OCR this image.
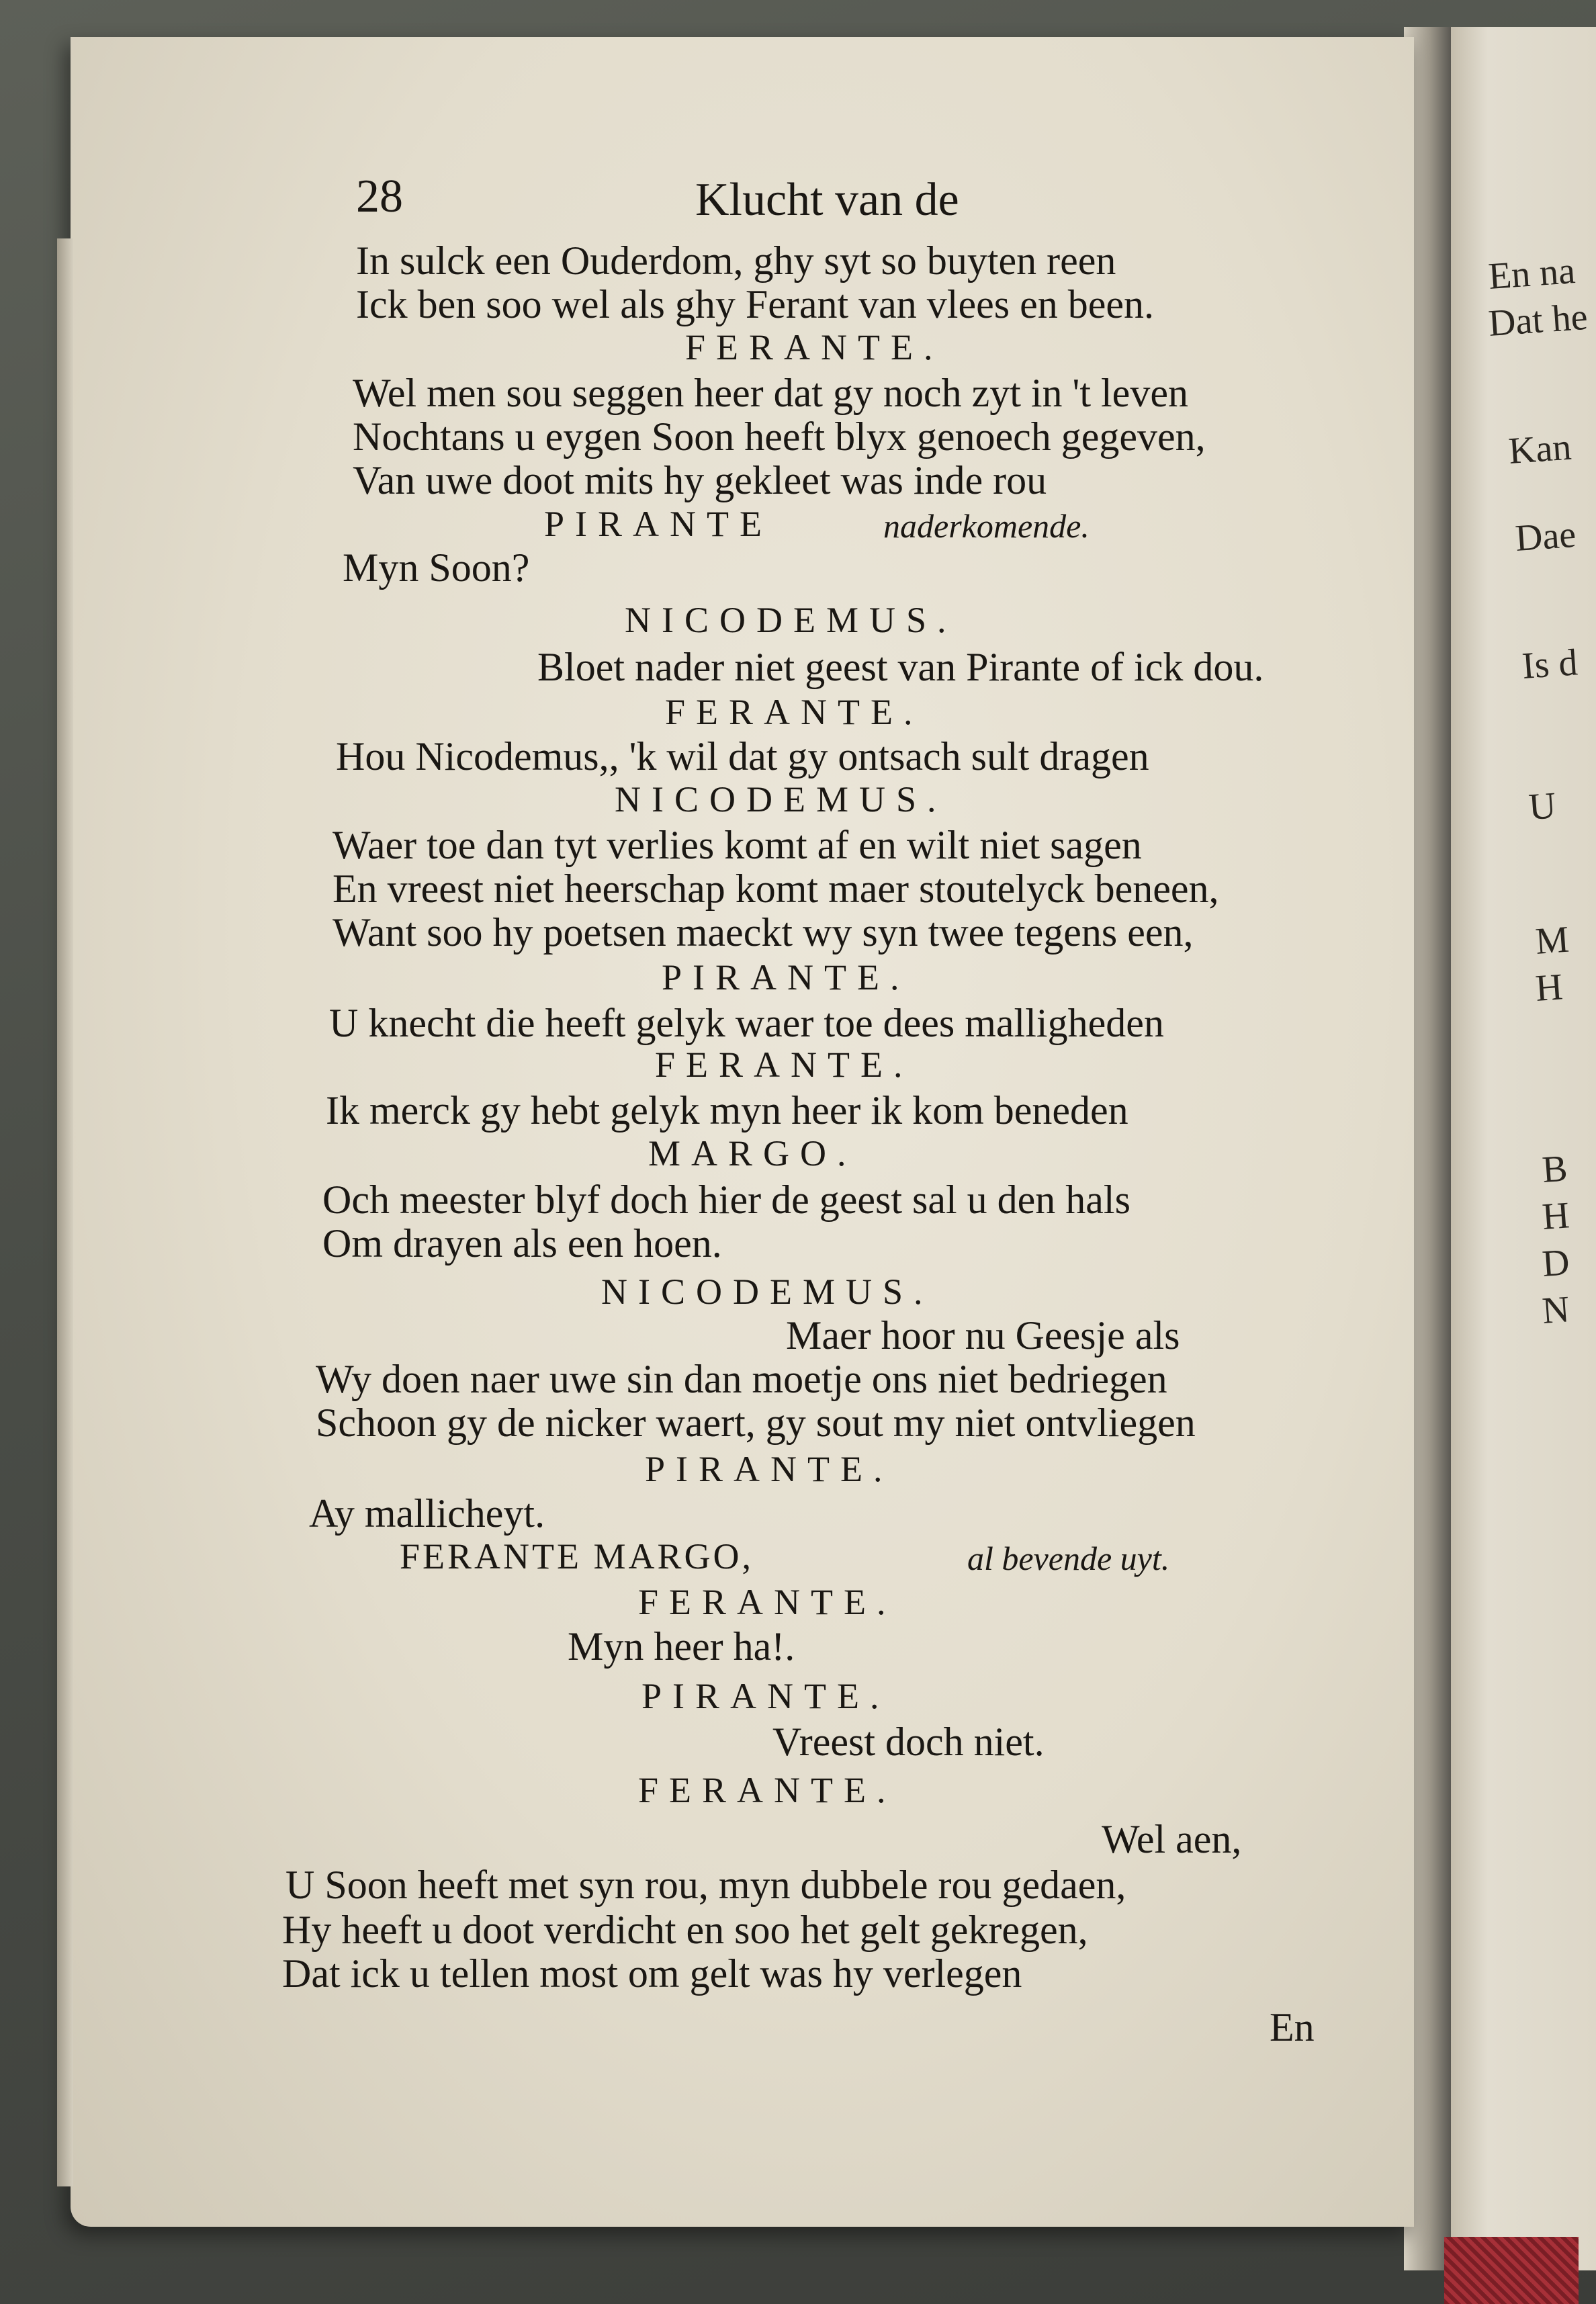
En na
Dat he
Kan
Dae
Is d
U
M
H
B
H
D
N
28	Klucht van de
In sulck een Ouderdom, ghy syt so buyten reen
Ick ben soo wel als ghy Ferant van vlees en been.
FERANTE.
Wel men sou seggen heer dat gy noch zyt in 't leven
Nochtans u eygen Soon heeft blyx genoech gegeven,
Van uwe doot mits hy gekleet was inde rou
PIRANTE	naderkomende.
Myn Soon?
NICODEMUS.
Bloet nader niet geest van Pirante of ick dou.
FERANTE.
Hou Nicodemus,, 'k wil dat gy ontsach sult dragen
NICODEMUS.
Waer toe dan tyt verlies komt af en wilt niet sagen
En vreest niet heerschap komt maer stoutelyck beneen,
Want soo hy poetsen maeckt wy syn twee tegens een,
PIRANTE.
U knecht die heeft gelyk waer toe dees malligheden
FERANTE.
Ik merck gy hebt gelyk myn heer ik kom beneden
MARGO.
Och meester blyf doch hier de geest sal u den hals
Om drayen als een hoen.
NICODEMUS.
Maer hoor nu Geesje als
Wy doen naer uwe sin dan moetje ons niet bedriegen
Schoon gy de nicker waert, gy sout my niet ontvliegen
PIRANTE.
Ay mallicheyt.
FERANTE MARGO,	al bevende uyt.
FERANTE.
Myn heer ha!.
PIRANTE.
Vreest doch niet.
FERANTE.
Wel aen,
U Soon heeft met syn rou, myn dubbele rou gedaen,
Hy heeft u doot verdicht en soo het gelt gekregen,
Dat ick u tellen most om gelt was hy verlegen
En
